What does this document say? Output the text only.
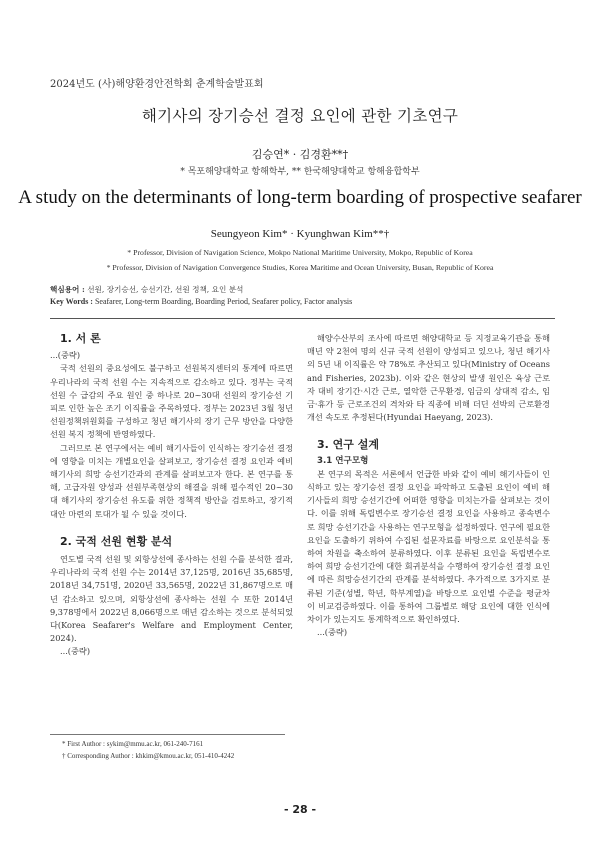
2024년도 (사)해양환경안전학회 춘계학술발표회
해기사의 장기승선 결정 요인에 관한 기초연구
김승연* · 김경환**†
* 목포해양대학교 항해학부, ** 한국해양대학교 항해융합학부
A study on the determinants of long-term boarding of prospective seafarer
Seungyeon Kim* · Kyunghwan Kim**†
* Professor, Division of Navigation Science, Mokpo National Maritime University, Mokpo, Republic of Korea
* Professor, Division of Navigation Convergence Studies, Korea Maritime and Ocean University, Busan, Republic of Korea
핵심용어 : 선원, 장기승선, 승선기간, 선원 정책, 요인 분석
Key Words : Seafarer, Long-term Boarding, Boarding Period, Seafarer policy, Factor analysis

1. 서 론

...(중략)

국적 선원의 중요성에도 불구하고 선원복지센터의 통계에 따르면 우리나라의 국적 선원 수는 지속적으로 감소하고 있다. 정부는 국적 선원 수 급감의 주요 원인 중 하나로 20~30대 선원의 장기승선 기피로 인한 높은 조기 이직률을 주목하였다. 정부는 2023년 3월 청년 선원정책위원회를 구성하고 청년 해기사의 장기 근무 방안을 다양한 선원 복지 정책에 반영하였다.

그러므로 본 연구에서는 예비 해기사들이 인식하는 장기승선 결정에 영향을 미치는 개별요인을 살펴보고, 장기승선 결정 요인과 예비 해기사의 희망 승선기간과의 관계를 살펴보고자 한다. 본 연구를 통해, 고급자원 양성과 선원부족현상의 해결을 위해 필수적인 20~30대 해기사의 장기승선 유도를 위한 정책적 방안을 검토하고, 장기적 대안 마련의 토대가 될 수 있을 것이다.

2. 국적 선원 현황 분석

연도별 국적 선원 및 외항상선에 종사하는 선원 수를 분석한 결과, 우리나라의 국적 선원 수는 2014년 37,125명, 2016년 35,685명, 2018년 34,751명, 2020년 33,565명, 2022년 31,867명으로 매년 감소하고 있으며, 외항상선에 종사하는 선원 수 또한 2014년 9,378명에서 2022년 8,066명으로 매년 감소하는 것으로 분석되었다(Korea Seafarer's Welfare and Employment Center, 2024).

...(중략)

해양수산부의 조사에 따르면 해양대학교 등 지정교육기관을 통해 매년 약 2천여 명의 신규 국적 선원이 양성되고 있으나, 청년 해기사의 5년 내 이직률은 약 78%로 추산되고 있다(Ministry of Oceans and Fisheries, 2023b). 이와 같은 현상의 발생 원인은 육상 근로자 대비 장기간·시간 근로, 열악한 근무환경, 임금의 상대적 감소, 임금·휴가 등 근로조건의 격차와 타 직종에 비해 더딘 선박의 근로환경 개선 속도로 추정된다(Hyundai Haeyang, 2023).

3. 연구 설계

3.1 연구모형

본 연구의 목적은 서론에서 언급한 바와 같이 예비 해기사들이 인식하고 있는 장기승선 결정 요인을 파악하고 도출된 요인이 예비 해기사들의 희망 승선기간에 어떠한 영향을 미치는가를 살펴보는 것이다. 이를 위해 독립변수로 장기승선 결정 요인을 사용하고 종속변수로 희망 승선기간을 사용하는 연구모형을 설정하였다. 연구에 필요한 요인을 도출하기 위하여 수집된 설문자료를 바탕으로 요인분석을 통하여 차원을 축소하여 분류하였다. 이후 분류된 요인을 독립변수로 하여 희망 승선기간에 대한 회귀분석을 수행하여 장기승선 결정 요인에 따른 희망승선기간의 관계를 분석하였다. 추가적으로 3가지로 분류된 기준(성별, 학년, 학부계열)을 바탕으로 요인별 수준을 평균차이 비교검증하였다. 이를 통하여 그룹별로 해당 요인에 대한 인식에 차이가 있는지도 통계학적으로 확인하였다.

...(중략)

* First Author : sykim@mmu.ac.kr, 061-240-7161
† Corresponding Author : khkim@kmou.ac.kr, 051-410-4242
- 28 -
